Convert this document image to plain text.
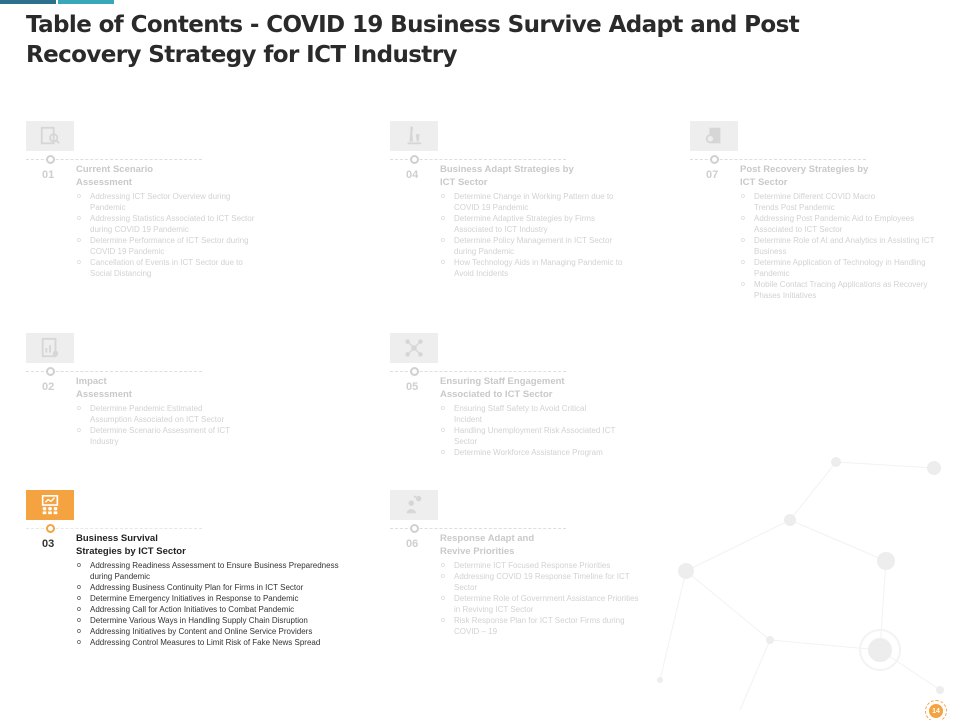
Table of Contents - COVID 19 Business Survive Adapt and Post Recovery Strategy for ICT Industry
01 Current Scenario Assessment
o Addressing ICT Sector Overview during Pandemic
o Addressing Statistics Associated to ICT Sector during COVID 19 Pandemic
o Determine Performance of ICT Sector during COVID 19 Pandemic
o Cancellation of Events in ICT Sector due to Social Distancing
02 Impact Assessment
o Determine Pandemic Estimated Assumption Associated on ICT Sector
o Determine Scenario Assessment of ICT Industry
03 Business Survival Strategies by ICT Sector
o Addressing Readiness Assessment to Ensure Business Preparedness during Pandemic
o Addressing Business Continuity Plan for Firms in ICT Sector
o Determine Emergency Initiatives in Response to Pandemic
o Addressing Call for Action Initiatives to Combat Pandemic
o Determine Various Ways in Handling Supply Chain Disruption
o Addressing Initiatives by Content and Online Service Providers
o Addressing Control Measures to Limit Risk of Fake News Spread
04 Business Adapt Strategies by ICT Sector
o Determine Change in Working Pattern due to COVID 19 Pandemic
o Determine Adaptive Strategies by Firms Associated to ICT Industry
o Determine Policy Management in ICT Sector during Pandemic
o How Technology Aids in Managing Pandemic to Avoid Incidents
05 Ensuring Staff Engagement Associated to ICT Sector
o Ensuring Staff Safety to Avoid Critical Incident
o Handling Unemployment Risk Associated ICT Sector
o Determine Workforce Assistance Program
06 Response Adapt and Revive Priorities
o Determine ICT Focused Response Priorities
o Addressing COVID 19 Response Timeline for ICT Sector
o Determine Role of Government Assistance Priorities in Reviving ICT Sector
o Risk Response Plan for ICT Sector Firms during COVID – 19
07 Post Recovery Strategies by ICT Sector
o Determine Different COVID Macro Trends Post Pandemic
o Addressing Post Pandemic Aid to Employees Associated to ICT Sector
o Determine Role of AI and Analytics in Assisting ICT Business
o Determine Application of Technology in Handling Pandemic
o Mobile Contact Tracing Applications as Recovery Phases Initiatives
14
